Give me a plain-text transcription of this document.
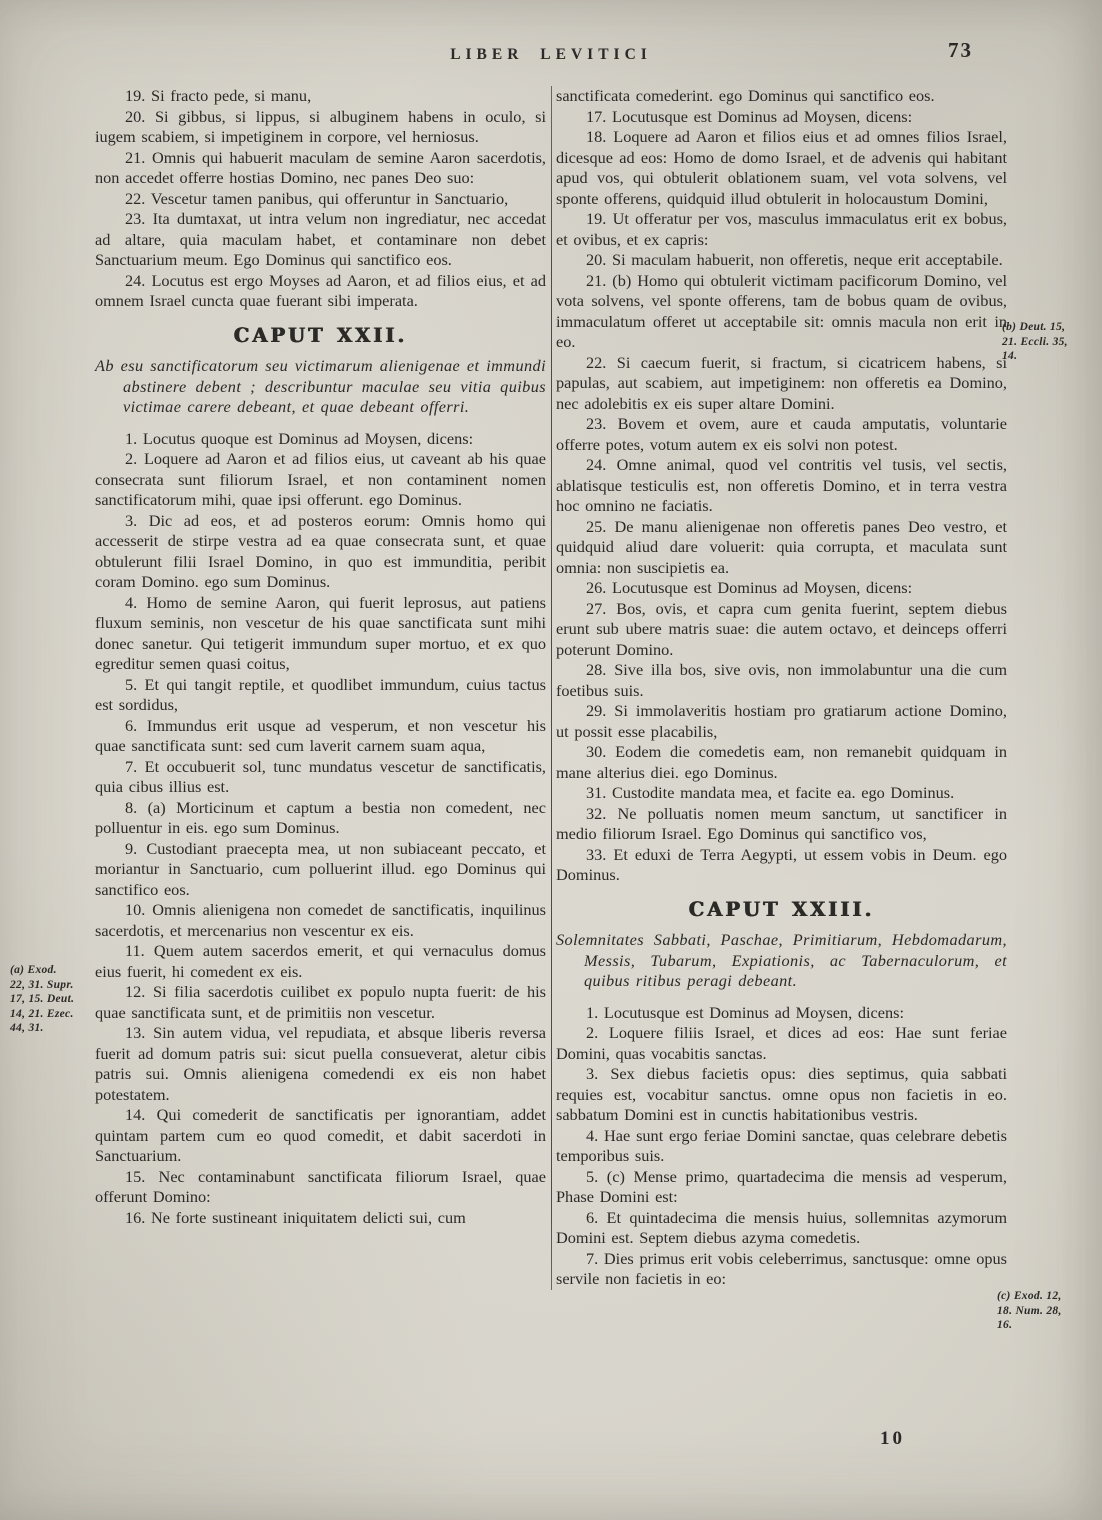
LIBER LEVITICI	73
(a) Exod.
22, 31. Supr.
17, 15. Deut.
14, 21. Ezec.
44, 31.
(b) Deut. 15,
21. Eccli. 35,
14.
(c) Exod. 12,
18. Num. 28,
16.

19. Si fracto pede, si manu,

20. Si gibbus, si lippus, si albuginem habens in oculo, si iugem scabiem, si impetiginem in corpore, vel herniosus.

21. Omnis qui habuerit maculam de semine Aaron sacerdotis, non accedet offerre hostias Domino, nec panes Deo suo:

22. Vescetur tamen panibus, qui offeruntur in Sanctuario,

23. Ita dumtaxat, ut intra velum non ingrediatur, nec accedat ad altare, quia maculam habet, et contaminare non debet Sanctuarium meum. Ego Dominus qui sanctifico eos.

24. Locutus est ergo Moyses ad Aaron, et ad filios eius, et ad omnem Israel cuncta quae fuerant sibi imperata.

CAPUT XXII.

Ab esu sanctificatorum seu victimarum alienigenae et immundi abstinere debent ; describuntur maculae seu vitia quibus victimae carere debeant, et quae debeant offerri.

1. Locutus quoque est Dominus ad Moysen, dicens:

2. Loquere ad Aaron et ad filios eius, ut caveant ab his quae consecrata sunt filiorum Israel, et non contaminent nomen sanctificatorum mihi, quae ipsi offerunt. ego Dominus.

3. Dic ad eos, et ad posteros eorum: Omnis homo qui accesserit de stirpe vestra ad ea quae consecrata sunt, et quae obtulerunt filii Israel Domino, in quo est immunditia, peribit coram Domino. ego sum Dominus.

4. Homo de semine Aaron, qui fuerit leprosus, aut patiens fluxum seminis, non vescetur de his quae sanctificata sunt mihi donec sanetur. Qui tetigerit immundum super mortuo, et ex quo egreditur semen quasi coitus,

5. Et qui tangit reptile, et quodlibet immundum, cuius tactus est sordidus,

6. Immundus erit usque ad vesperum, et non vescetur his quae sanctificata sunt: sed cum laverit carnem suam aqua,

7. Et occubuerit sol, tunc mundatus vescetur de sanctificatis, quia cibus illius est.

8. (a) Morticinum et captum a bestia non comedent, nec polluentur in eis. ego sum Dominus.

9. Custodiant praecepta mea, ut non subiaceant peccato, et moriantur in Sanctuario, cum polluerint illud. ego Dominus qui sanctifico eos.

10. Omnis alienigena non comedet de sanctificatis, inquilinus sacerdotis, et mercenarius non vescentur ex eis.

11. Quem autem sacerdos emerit, et qui vernaculus domus eius fuerit, hi comedent ex eis.

12. Si filia sacerdotis cuilibet ex populo nupta fuerit: de his quae sanctificata sunt, et de primitiis non vescetur.

13. Sin autem vidua, vel repudiata, et absque liberis reversa fuerit ad domum patris sui: sicut puella consueverat, aletur cibis patris sui. Omnis alienigena comedendi ex eis non habet potestatem.

14. Qui comederit de sanctificatis per ignorantiam, addet quintam partem cum eo quod comedit, et dabit sacerdoti in Sanctuarium.

15. Nec contaminabunt sanctificata filiorum Israel, quae offerunt Domino:

16. Ne forte sustineant iniquitatem delicti sui, cum

sanctificata comederint. ego Dominus qui sanctifico eos.

17. Locutusque est Dominus ad Moysen, dicens:

18. Loquere ad Aaron et filios eius et ad omnes filios Israel, dicesque ad eos: Homo de domo Israel, et de advenis qui habitant apud vos, qui obtulerit oblationem suam, vel vota solvens, vel sponte offerens, quidquid illud obtulerit in holocaustum Domini,

19. Ut offeratur per vos, masculus immaculatus erit ex bobus, et ovibus, et ex capris:

20. Si maculam habuerit, non offeretis, neque erit acceptabile.

21. (b) Homo qui obtulerit victimam pacificorum Domino, vel vota solvens, vel sponte offerens, tam de bobus quam de ovibus, immaculatum offeret ut acceptabile sit: omnis macula non erit in eo.

22. Si caecum fuerit, si fractum, si cicatricem habens, si papulas, aut scabiem, aut impetiginem: non offeretis ea Domino, nec adolebitis ex eis super altare Domini.

23. Bovem et ovem, aure et cauda amputatis, voluntarie offerre potes, votum autem ex eis solvi non potest.

24. Omne animal, quod vel contritis vel tusis, vel sectis, ablatisque testiculis est, non offeretis Domino, et in terra vestra hoc omnino ne faciatis.

25. De manu alienigenae non offeretis panes Deo vestro, et quidquid aliud dare voluerit: quia corrupta, et maculata sunt omnia: non suscipietis ea.

26. Locutusque est Dominus ad Moysen, dicens:

27. Bos, ovis, et capra cum genita fuerint, septem diebus erunt sub ubere matris suae: die autem octavo, et deinceps offerri poterunt Domino.

28. Sive illa bos, sive ovis, non immolabuntur una die cum foetibus suis.

29. Si immolaveritis hostiam pro gratiarum actione Domino, ut possit esse placabilis,

30. Eodem die comedetis eam, non remanebit quidquam in mane alterius diei. ego Dominus.

31. Custodite mandata mea, et facite ea. ego Dominus.

32. Ne polluatis nomen meum sanctum, ut sanctificer in medio filiorum Israel. Ego Dominus qui sanctifico vos,

33. Et eduxi de Terra Aegypti, ut essem vobis in Deum. ego Dominus.

CAPUT XXIII.

Solemnitates Sabbati, Paschae, Primitiarum, Hebdomadarum, Messis, Tubarum, Expiationis, ac Tabernaculorum, et quibus ritibus peragi debeant.

1. Locutusque est Dominus ad Moysen, dicens:

2. Loquere filiis Israel, et dices ad eos: Hae sunt feriae Domini, quas vocabitis sanctas.

3. Sex diebus facietis opus: dies septimus, quia sabbati requies est, vocabitur sanctus. omne opus non facietis in eo. sabbatum Domini est in cunctis habitationibus vestris.

4. Hae sunt ergo feriae Domini sanctae, quas celebrare debetis temporibus suis.

5. (c) Mense primo, quartadecima die mensis ad vesperum, Phase Domini est:

6. Et quintadecima die mensis huius, sollemnitas azymorum Domini est. Septem diebus azyma comedetis.

7. Dies primus erit vobis celeberrimus, sanctusque: omne opus servile non facietis in eo:

10
